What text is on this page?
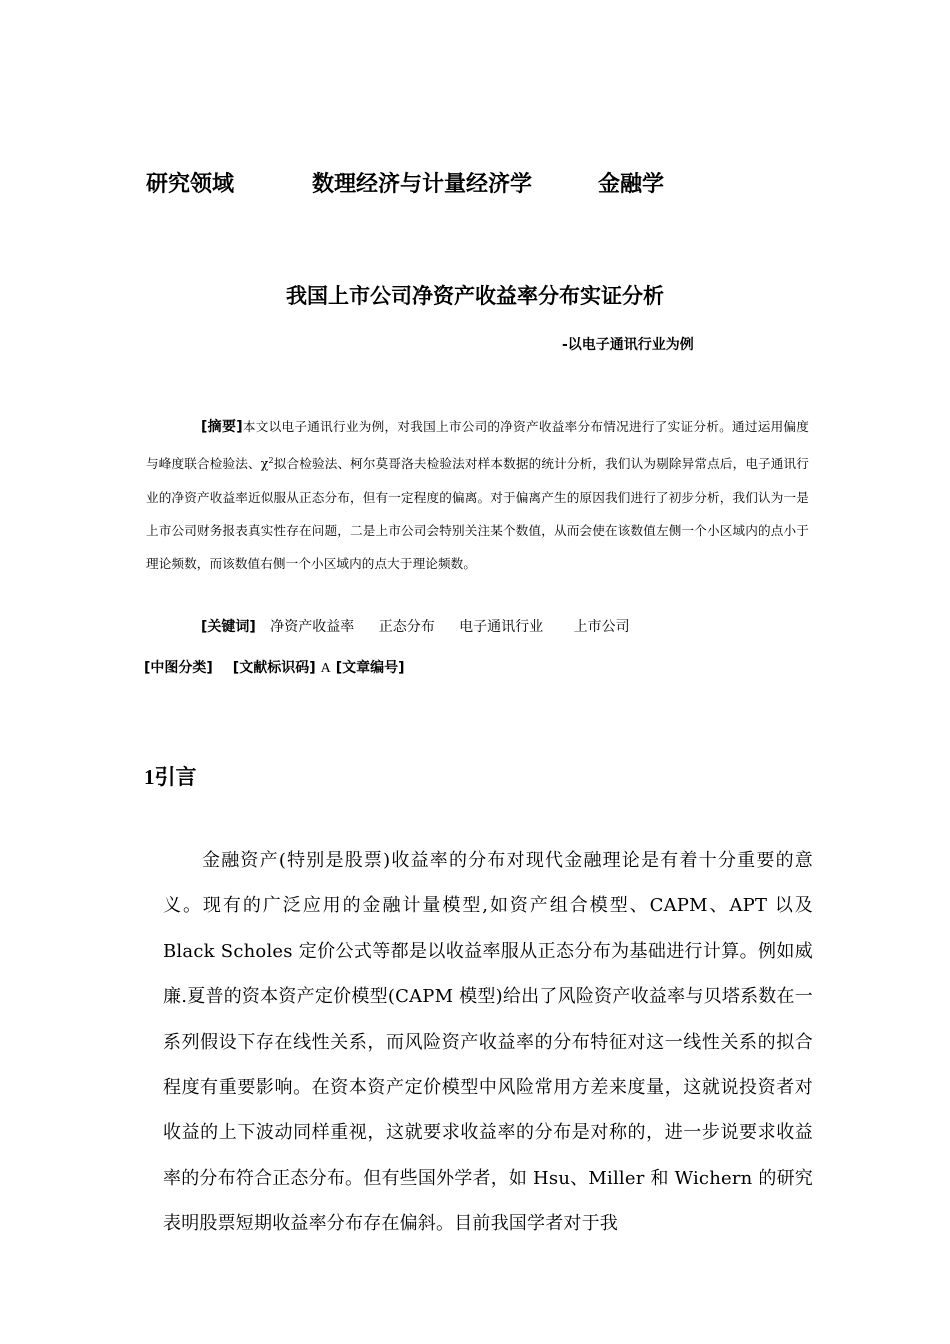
研究领域	数理经济与计量经济学	金融学
我国上市公司净资产收益率分布实证分析
-以电子通讯行业为例
[摘要]本文以电子通讯行业为例，对我国上市公司的净资产收益率分布情况进行了实证分析。通过运用偏度与峰度联合检验法、$\chi^2$拟合检验法、柯尔莫哥洛夫检验法对样本数据的统计分析，我们认为剔除异常点后，电子通讯行业的净资产收益率近似服从正态分布，但有一定程度的偏离。对于偏离产生的原因我们进行了初步分析，我们认为一是上市公司财务报表真实性存在问题，二是上市公司会特别关注某个数值，从而会使在该数值左侧一个小区域内的点小于理论频数，而该数值右侧一个小区域内的点大于理论频数。
[关键词] 净资产收益率 正态分布 电子通讯行业 上市公司
[中图分类] [文献标识码] A [文章编号]
1引言
金融资产(特别是股票)收益率的分布对现代金融理论是有着十分重要的意义。现有的广泛应用的金融计量模型,如资产组合模型、CAPM、APT 以及 Black Scholes 定价公式等都是以收益率服从正态分布为基础进行计算。例如威廉.夏普的资本资产定价模型(CAPM 模型)给出了风险资产收益率与贝塔系数在一系列假设下存在线性关系，而风险资产收益率的分布特征对这一线性关系的拟合程度有重要影响。在资本资产定价模型中风险常用方差来度量，这就说投资者对收益的上下波动同样重视，这就要求收益率的分布是对称的，进一步说要求收益率的分布符合正态分布。但有些国外学者，如 Hsu、Miller 和 Wichern 的研究表明股票短期收益率分布存在偏斜。目前我国学者对于我
